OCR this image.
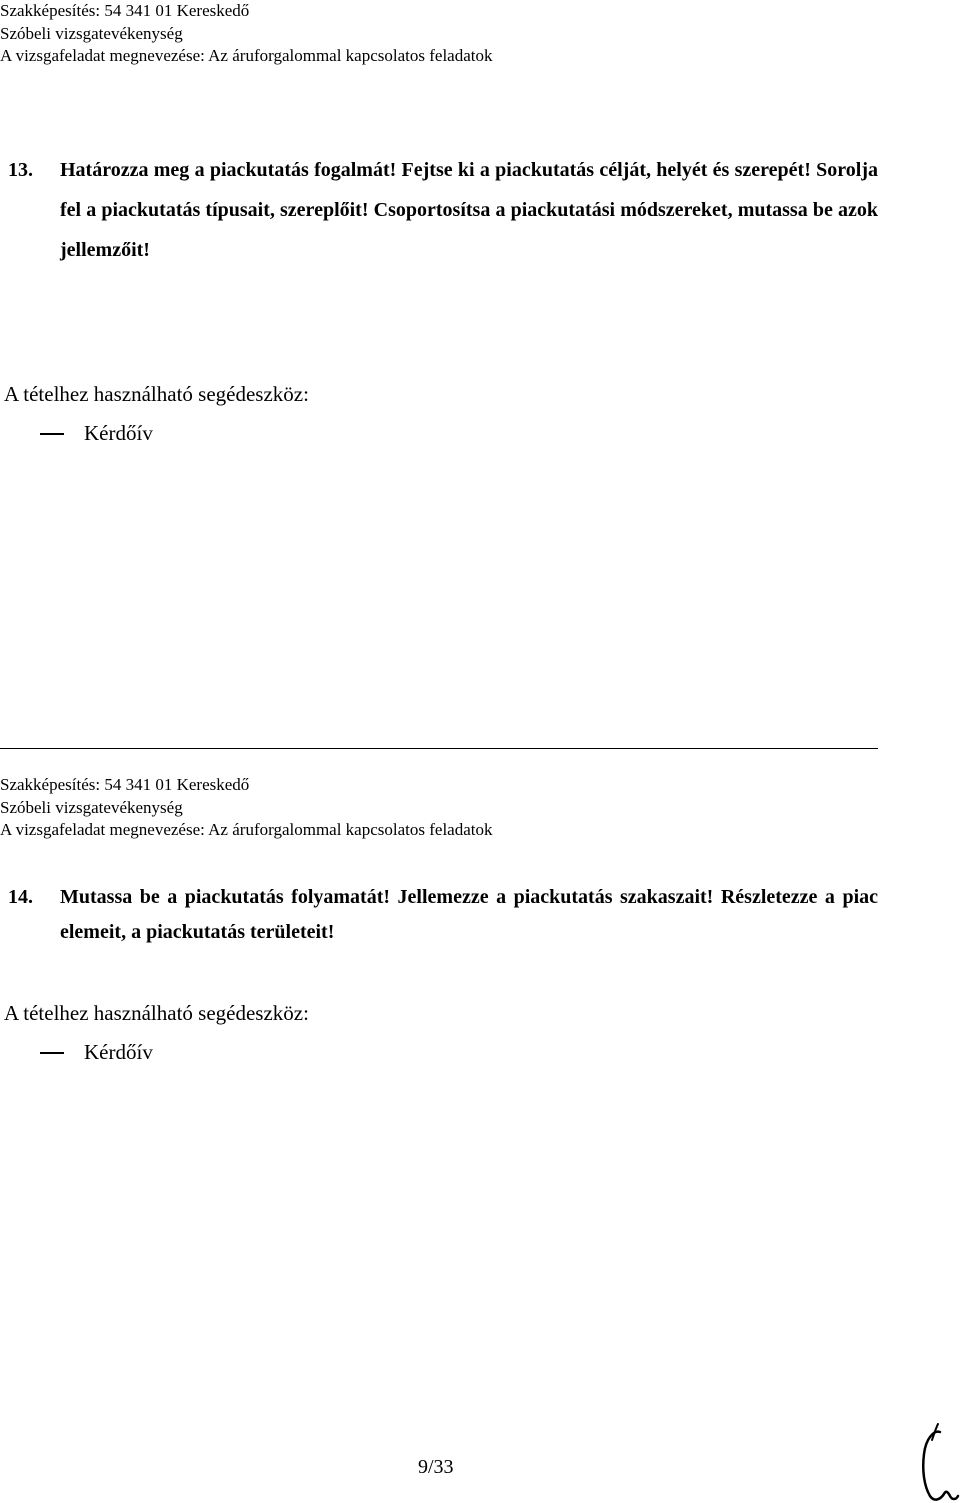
Szakképesítés: 54 341 01 Kereskedő
Szóbeli vizsgatevékenység
A vizsgafeladat megnevezése: Az áruforgalommal kapcsolatos feladatok
13. Határozza meg a piackutatás fogalmát! Fejtse ki a piackutatás célját, helyét és szerepét! Sorolja fel a piackutatás típusait, szereplőit! Csoportosítsa a piackutatási módszereket, mutassa be azok jellemzőit!
A tételhez használható segédeszköz:
Kérdőív
Szakképesítés: 54 341 01 Kereskedő
Szóbeli vizsgatevékenység
A vizsgafeladat megnevezése: Az áruforgalommal kapcsolatos feladatok
14. Mutassa be a piackutatás folyamatát! Jellemezze a piackutatás szakaszait! Részletezze a piac elemeit, a piackutatás területeit!
A tételhez használható segédeszköz:
Kérdőív
9/33
